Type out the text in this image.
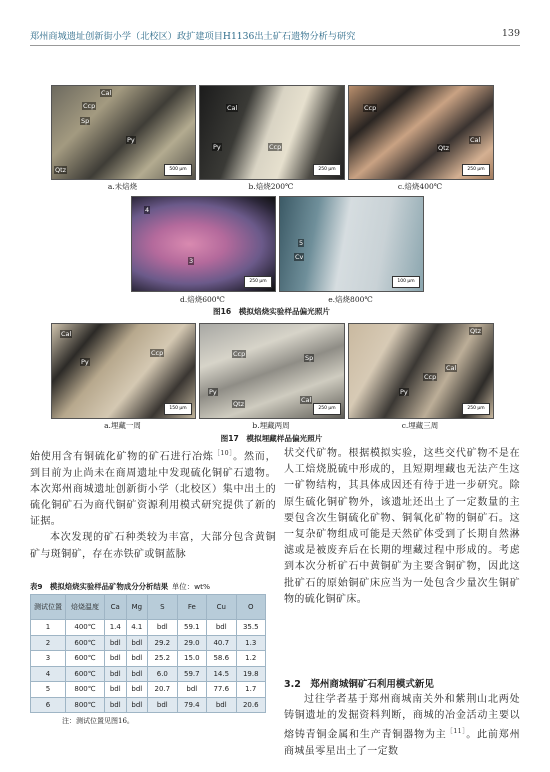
郑州商城遗址创新街小学（北校区）政扩建项目H1136出土矿石遗物分析与研究	139
Cal
Ccp
Sp
Py
Qtz	500 μm
Cal
Py	Ccp
250 μm
Ccp
Cal
Qtz
250 μm
a.未焙烧	b.焙烧200℃	c.焙烧400℃
4
3
250 μm
5
Cv
100 μm
d.焙烧600℃	e.焙烧800℃
图16　模拟焙烧实验样品偏光照片
Cal
Py
Ccp
150 μm
Ccp	Sp
Py
Qtz	Cal
250 μm
Qtz
Cal
Ccp
Py
250 μm
a.埋藏一周	b.埋藏两周	c.埋藏三周
图17　模拟埋藏样品偏光照片

始使用含有铜硫化矿物的矿石进行冶炼$^{[10]}$。然而，到目前为止尚未在商周遗址中发现硫化铜矿石遗物。本次郑州商城遗址创新街小学（北校区）集中出土的硫化铜矿石为商代铜矿资源利用模式研究提供了新的证据。

本次发现的矿石种类较为丰富，大部分包含黄铜矿与斑铜矿，存在赤铁矿或铜蓝脉

表9　模拟焙烧实验样品矿物成分分析结果  单位：wt%
测试位置	焙烧温度	Ca	Mg	S	Fe	Cu	O
1	400℃	1.4	4.1	bdl	59.1	bdl	35.5
2	600℃	bdl	bdl	29.2	29.0	40.7	1.3
3	600℃	bdl	bdl	25.2	15.0	58.6	1.2
4	600℃	bdl	bdl	6.0	59.7	14.5	19.8
5	800℃	bdl	bdl	20.7	bdl	77.6	1.7
6	800℃	bdl	bdl	bdl	79.4	bdl	20.6
注：测试位置见图16。

状交代矿物。根据模拟实验，这些交代矿物不是在人工焙烧脱硫中形成的，且短期埋藏也无法产生这一矿物结构，其具体成因还有待于进一步研究。除原生硫化铜矿物外，该遗址还出土了一定数量的主要包含次生铜硫化矿物、铜氧化矿物的铜矿石。这一复杂矿物组成可能是天然矿体受到了长期自然淋滤或是被废弃后在长期的埋藏过程中形成的。考虑到本次分析矿石中黄铜矿为主要含铜矿物，因此这批矿石的原始铜矿床应当为一处包含少量次生铜矿物的硫化铜矿床。

3.2　郑州商城铜矿石利用模式新见

过往学者基于郑州商城南关外和紫荆山北两处铸铜遗址的发掘资料判断，商城的冶金活动主要以熔铸青铜金属和生产青铜器物为主$^{[11]}$。此前郑州商城虽零星出土了一定数
